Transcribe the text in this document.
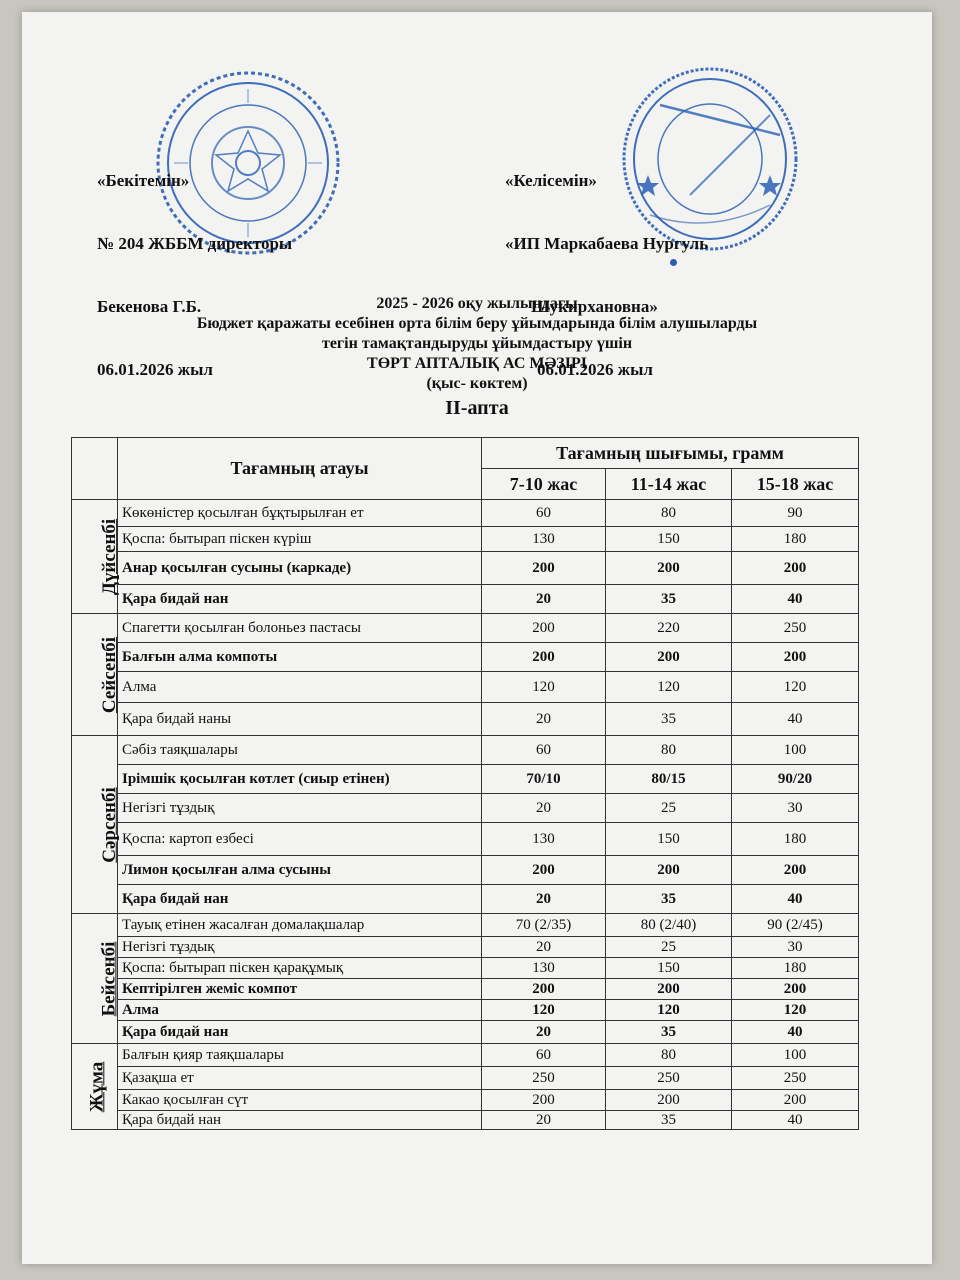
«Бекітемін»

№ 204 ЖББМ директоры

Бекенова Г.Б.

06.01.2026 жыл

«Келісемін»

«ИП Маркабаева Нургуль

Шукирхановна»

06.01.2026 жыл

2025 - 2026 оқу жылындағы
Бюджет қаражаты есебінен орта білім беру ұйымдарында білім алушыларды
тегін тамақтандыруды ұйымдастыру үшін
ТӨРТ АПТАЛЫҚ АС МӘЗІРІ
(қыс- көктем)
II-апта
	Тағамның атауы	Тағамның шығымы, грамм		
		7-10 жас	11-14 жас	15-18 жас
Дүйсенбі	Көкөністер қосылған бұқтырылған ет	60	80	90
	Қоспа: бытырап піскен күріш	130	150	180
	Анар қосылған сусыны (каркаде)	200	200	200
	Қара бидай нан	20	35	40
Сейсенбі	Спагетти қосылған болоньез пастасы	200	220	250
	Балғын алма компоты	200	200	200
	Алма	120	120	120
	Қара бидай наны	20	35	40
Сәрсенбі	Сәбіз таяқшалары	60	80	100
	Ірімшік қосылған котлет (сиыр етінен)	70/10	80/15	90/20
	Негізгі тұздық	20	25	30
	Қоспа: картоп езбесі	130	150	180
	Лимон қосылған алма сусыны	200	200	200
	Қара бидай нан	20	35	40
Бейсенбі	Тауық етінен жасалған домалақшалар	70 (2/35)	80 (2/40)	90 (2/45)
	Негізгі тұздық	20	25	30
	Қоспа: бытырап піскен қарақұмық	130	150	180
	Кептірілген жеміс компот	200	200	200
	Алма	120	120	120
	Қара бидай нан	20	35	40
Жұма	Балғын қияр таяқшалары	60	80	100
	Қазақша ет	250	250	250
	Какао қосылған сүт	200	200	200
	Қара бидай нан	20	35	40
